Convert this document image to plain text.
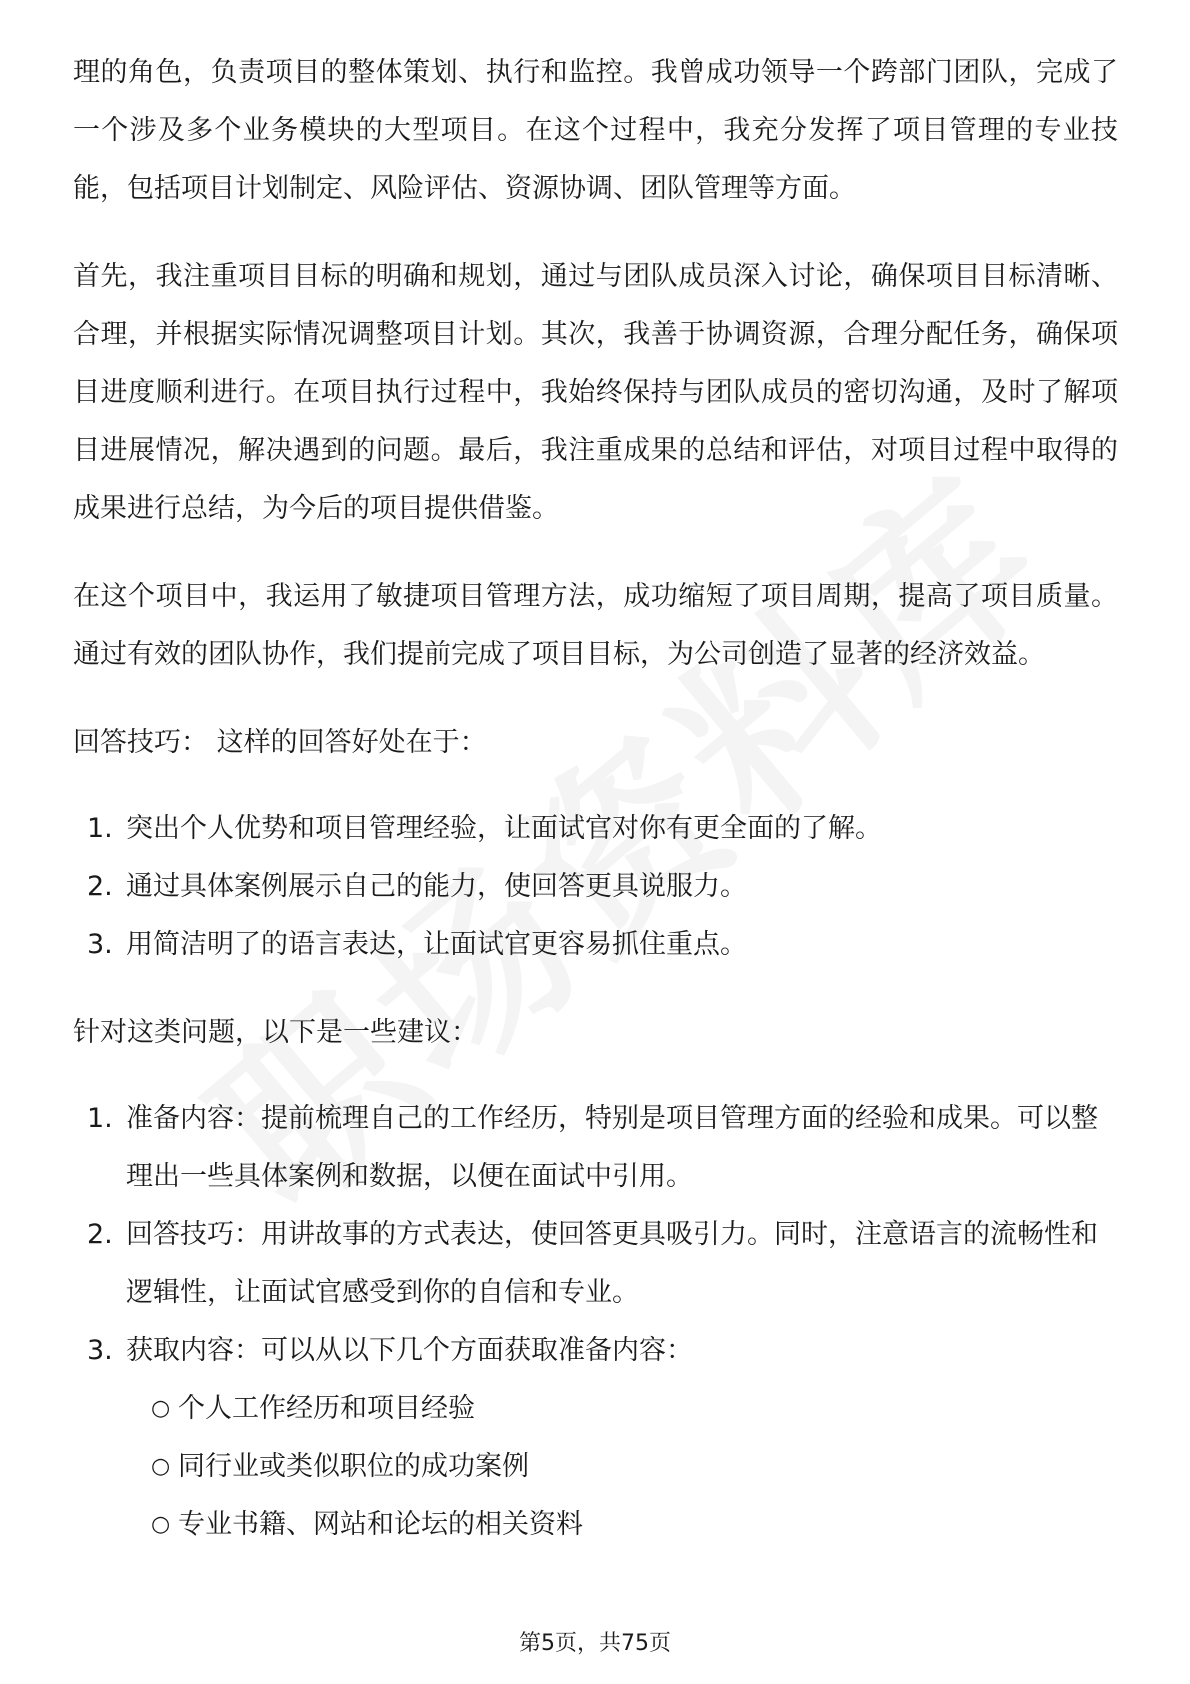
理的角色，负责项目的整体策划、执行和监控。我曾成功领导一个跨部门团队，完成了一个涉及多个业务模块的大型项目。在这个过程中，我充分发挥了项目管理的专业技能，包括项目计划制定、风险评估、资源协调、团队管理等方面。

首先，我注重项目目标的明确和规划，通过与团队成员深入讨论，确保项目目标清晰、合理，并根据实际情况调整项目计划。其次，我善于协调资源，合理分配任务，确保项目进度顺利进行。在项目执行过程中，我始终保持与团队成员的密切沟通，及时了解项目进展情况，解决遇到的问题。最后，我注重成果的总结和评估，对项目过程中取得的成果进行总结，为今后的项目提供借鉴。

在这个项目中，我运用了敏捷项目管理方法，成功缩短了项目周期，提高了项目质量。通过有效的团队协作，我们提前完成了项目目标，为公司创造了显著的经济效益。

回答技巧： 这样的回答好处在于：

1. 突出个人优势和项目管理经验，让面试官对你有更全面的了解。
2. 通过具体案例展示自己的能力，使回答更具说服力。
3. 用简洁明了的语言表达，让面试官更容易抓住重点。

针对这类问题，以下是一些建议：

1. 准备内容：提前梳理自己的工作经历，特别是项目管理方面的经验和成果。可以整理出一些具体案例和数据，以便在面试中引用。
2. 回答技巧：用讲故事的方式表达，使回答更具吸引力。同时，注意语言的流畅性和逻辑性，让面试官感受到你的自信和专业。
3. 获取内容：可以从以下几个方面获取准备内容：
○ 个人工作经历和项目经验
○ 同行业或类似职位的成功案例
○ 专业书籍、网站和论坛的相关资料
第5页，共75页
